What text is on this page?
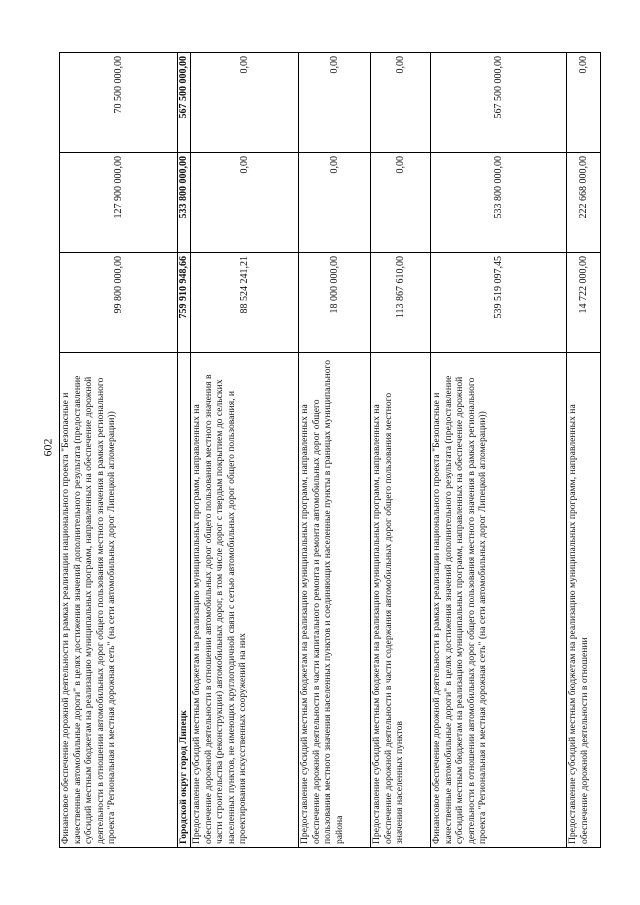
602 Финансовое обеспечение дорожной деятельности в рамках реализации национального проекта "Безопасные и качественные автомобильные дороги" в целях достижения значений дополнительного результата (предоставление субсидий местным бюджетам на реализацию муниципальных программ, направленных на обеспечение дорожной деятельности в отношении автомобильных дорог общего пользования местного значения в рамках регионального проекта "Региональная и местная дорожная сеть" (на сети автомобильных дорог Липецкой агломерации))	99 800 000,00	127 900 000,00	70 500 000,00
Городской округ город Липецк	759 910 948,66	533 800 000,00	567 500 000,00
Предоставление субсидий местным бюджетам на реализацию муниципальных программ, направленных на обеспечение дорожной деятельности в отношении автомобильных дорог общего пользования местного значения в части строительства (реконструкции) автомобильных дорог, в том числе дорог с твердым покрытием до сельских населенных пунктов, не имеющих круглогодичной связи с сетью автомобильных дорог общего пользования, и проектирования искусственных сооружений на них	88 524 241,21	0,00	0,00
Предоставление субсидий местным бюджетам на реализацию муниципальных программ, направленных на обеспечение дорожной деятельности в части капитального ремонта и ремонта автомобильных дорог общего пользования местного значения населенных пунктов и соединяющих населенные пункты в границах муниципального района	18 000 000,00	0,00	0,00
Предоставление субсидий местным бюджетам на реализацию муниципальных программ, направленных на обеспечение дорожной деятельности в части содержания автомобильных дорог общего пользования местного значения населенных пунктов	113 867 610,00	0,00	0,00
Финансовое обеспечение дорожной деятельности в рамках реализации национального проекта "Безопасные и качественные автомобильные дороги" в целях достижения значений дополнительного результата (предоставление субсидий местным бюджетам на реализацию муниципальных программ, направленных на обеспечение дорожной деятельности в отношении автомобильных дорог общего пользования местного значения в рамках регионального проекта "Региональная и местная дорожная сеть" (на сети автомобильных дорог Липецкой агломерации))	539 519 097,45	533 800 000,00	567 500 000,00
Предоставление субсидий местным бюджетам на реализацию муниципальных программ, направленных на обеспечение дорожной деятельности в отношении	14 722 000,00	222 668 000,00	0,00
